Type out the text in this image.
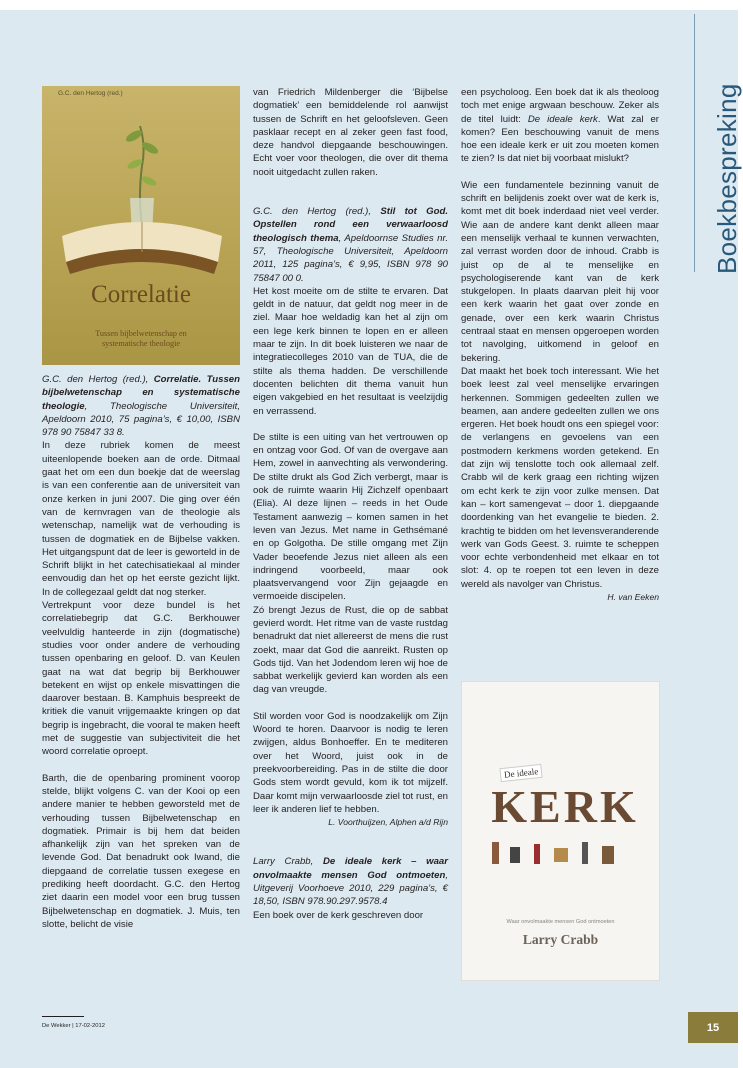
G.C. den Hertog (red.)
Correlatie
Tussen bijbelwetenschap en
systematische theologie

G.C. den Hertog (red.), Correlatie. Tussen bijbelwetenschap en systematische theologie, Theologische Universiteit, Apeldoorn 2010, 75 pagina’s, € 10,00, ISBN 978 90 75847 33 8.

In deze rubriek komen de meest uiteenlopende boeken aan de orde. Ditmaal gaat het om een dun boekje dat de weerslag is van een conferentie aan de universiteit van onze kerken in juni 2007. Die ging over één van de kernvragen van de theologie als wetenschap, namelijk wat de verhouding is tussen de dogmatiek en de Bijbelse vakken. Het uitgangspunt dat de leer is geworteld in de Schrift blijkt in het catechisatiekaal al minder eenvoudig dan het op het eerste gezicht lijkt. In de collegezaal geldt dat nog sterker.

Vertrekpunt voor deze bundel is het correlatiebegrip dat G.C. Berkhouwer veelvuldig hanteerde in zijn (dogmatische) studies voor onder andere de verhouding tussen openbaring en geloof. D. van Keulen gaat na wat dat begrip bij Berkhouwer betekent en wijst op enkele misvattingen die daarover bestaan. B. Kamphuis bespreekt de kritiek die vanuit vrijgemaakte kringen op dat begrip is ingebracht, die vooral te maken heeft met de suggestie van subjectiviteit die het woord correlatie oproept.

Barth, die de openbaring prominent voorop stelde, blijkt volgens C. van der Kooi op een andere manier te hebben geworsteld met de verhouding tussen Bijbelwetenschap en dogmatiek. Primair is bij hem dat beiden afhankelijk zijn van het spreken van de levende God. Dat benadrukt ook Iwand, die diepgaand de correlatie tussen exegese en prediking heeft doordacht. G.C. den Hertog ziet daarin een model voor een brug tussen Bijbelwetenschap en dogmatiek. J. Muis, ten slotte, belicht de visie

van Friedrich Mildenberger die ‘Bijbelse dogmatiek’ een bemiddelende rol aanwijst tussen de Schrift en het geloofsleven. Geen pasklaar recept en al zeker geen fast food, deze handvol diepgaande beschouwingen. Echt voer voor theologen, die over dit thema nooit uitgedacht zullen raken.

G.C. den Hertog (red.), Stil tot God. Opstellen rond een verwaarloosd theologisch thema, Apeldoornse Studies nr. 57, Theologische Universiteit, Apeldoorn 2011, 125 pagina’s, € 9,95, ISBN 978 90 75847 00 0.

Het kost moeite om de stilte te ervaren. Dat geldt in de natuur, dat geldt nog meer in de ziel. Maar hoe weldadig kan het al zijn om een lege kerk binnen te lopen en er alleen maar te zijn. In dit boek luisteren we naar de integratiecolleges 2010 van de TUA, die de stilte als thema hadden. De verschillende docenten belichten dit thema vanuit hun eigen vakgebied en het resultaat is veelzijdig en verrassend.

De stilte is een uiting van het vertrouwen op en ontzag voor God. Of van de overgave aan Hem, zowel in aanvechting als verwondering. De stilte drukt als God Zich verbergt, maar is ook de ruimte waarin Hij Zichzelf openbaart (Elia). Al deze lijnen – reeds in het Oude Testament aanwezig – komen samen in het leven van Jezus. Met name in Gethsémané en op Golgotha. De stille omgang met Zijn Vader beoefende Jezus niet alleen als een indringend voorbeeld, maar ook plaatsvervangend voor Zijn gejaagde en vermoeide discipelen.

Zó brengt Jezus de Rust, die op de sabbat gevierd wordt. Het ritme van de vaste rustdag benadrukt dat niet allereerst de mens die rust zoekt, maar dat God die aanreikt. Rusten op Gods tijd. Van het Jodendom leren wij hoe de sabbat werkelijk gevierd kan worden als een dag van vreugde.

Stil worden voor God is noodzakelijk om Zijn Woord te horen. Daarvoor is nodig te leren zwijgen, aldus Bonhoeffer. En te mediteren over het Woord, juist ook in de preekvoorbereiding. Pas in de stilte die door Gods stem wordt gevuld, kom ik tot mijzelf. Daar komt mijn verwaarloosde ziel tot rust, en leer ik anderen lief te hebben.

L. Voorthuijzen, Alphen a/d Rijn

Larry Crabb, De ideale kerk – waar onvolmaakte mensen God ontmoeten, Uitgeverij Voorhoeve 2010, 229 pagina’s, € 18,50, ISBN 978.90.297.9578.4

Een boek over de kerk geschreven door

een psycholoog. Een boek dat ik als theoloog toch met enige argwaan beschouw. Zeker als de titel luidt: De ideale kerk. Wat zal er komen? Een beschouwing vanuit de mens hoe een ideale kerk er uit zou moeten komen te zien? Is dat niet bij voorbaat mislukt?

Wie een fundamentele bezinning vanuit de schrift en belijdenis zoekt over wat de kerk is, komt met dit boek inderdaad niet veel verder. Wie aan de andere kant denkt alleen maar een menselijk verhaal te kunnen verwachten, zal verrast worden door de inhoud. Crabb is juist op de al te menselijke en psychologiserende kant van de kerk stukgelopen. In plaats daarvan pleit hij voor een kerk waarin het gaat over zonde en genade, over een kerk waarin Christus centraal staat en mensen opgeroepen worden tot navolging, uitkomend in geloof en bekering.

Dat maakt het boek toch interessant. Wie het boek leest zal veel menselijke ervaringen herkennen. Sommigen gedeelten zullen we beamen, aan andere gedeelten zullen we ons ergeren. Het boek houdt ons een spiegel voor: de verlangens en gevoelens van een postmodern kerkmens worden getekend. En dat zijn wij tenslotte toch ook allemaal zelf. Crabb wil de kerk graag een richting wijzen om echt kerk te zijn voor zulke mensen. Dat kan – kort samengevat – door 1. diepgaande doordenking van het evangelie te bieden. 2. krachtig te bidden om het levensveranderende werk van Gods Geest. 3. ruimte te scheppen voor echte verbondenheid met elkaar en tot slot: 4. op te roepen tot een leven in deze wereld als navolger van Christus.

H. van Eeken

De ideale
KERK
Waar onvolmaakte mensen God ontmoeten
Larry Crabb
Boekbespreking
De Wekker | 17-02-2012	15
